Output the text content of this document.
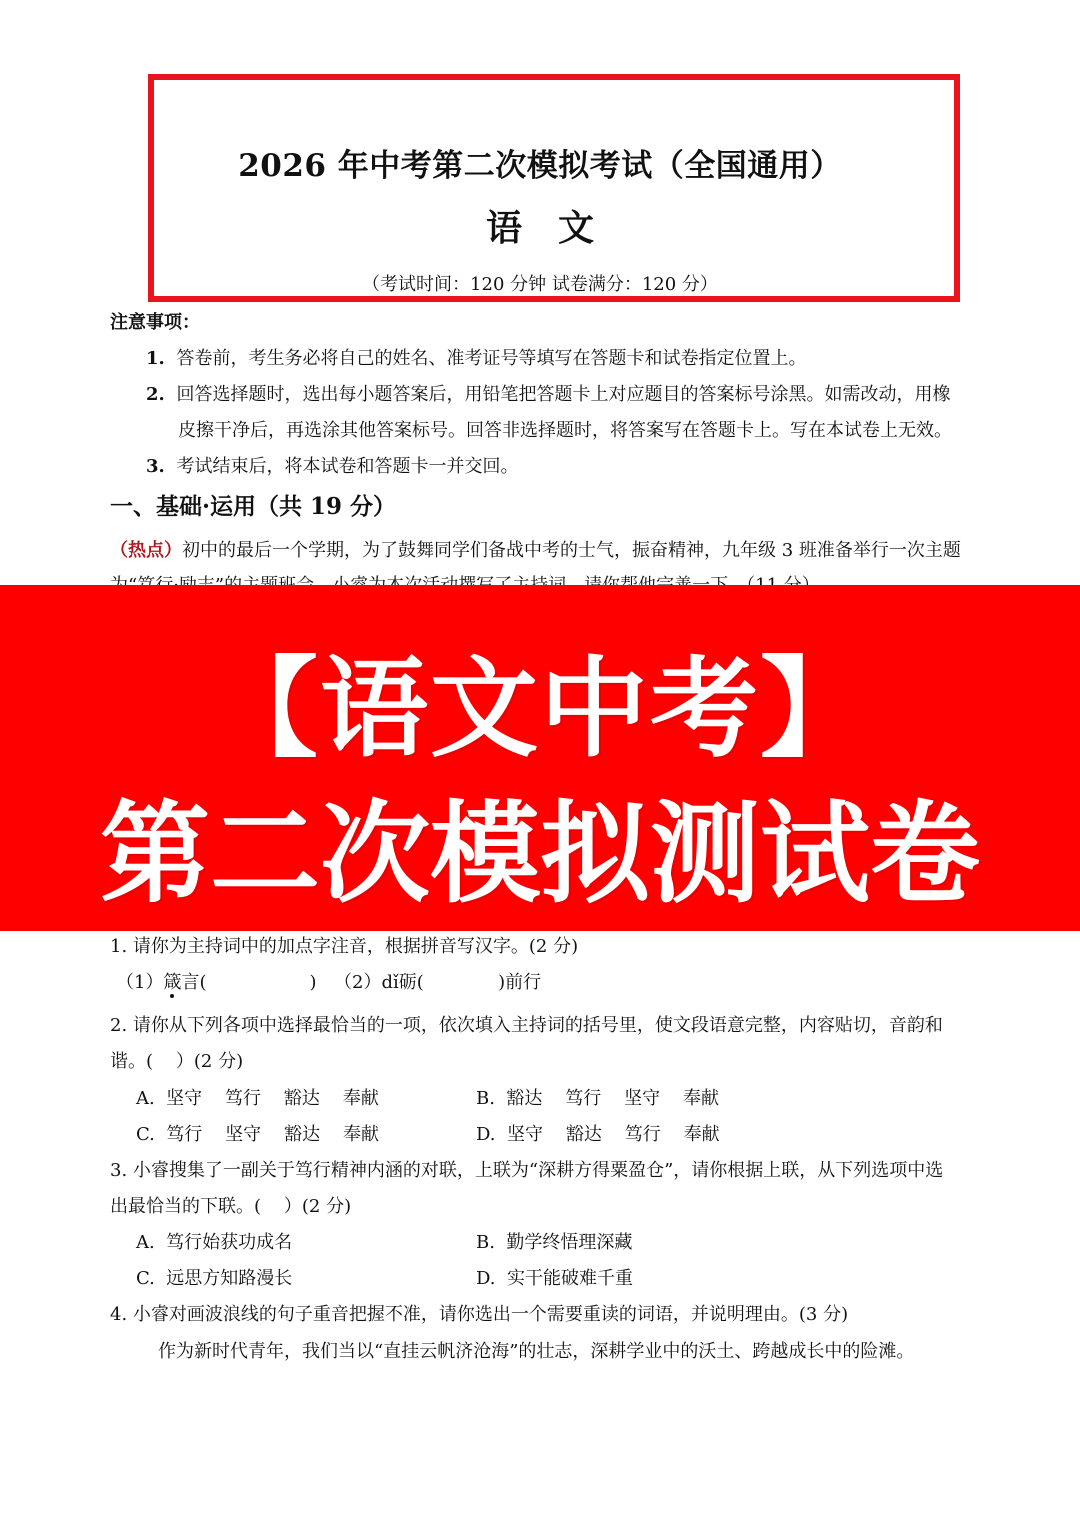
2026 年中考第二次模拟考试（全国通用）
语　文
（考试时间：120 分钟 试卷满分：120 分）
注意事项：
1. 答卷前，考生务必将自己的姓名、准考证号等填写在答题卡和试卷指定位置上。
2. 回答选择题时，选出每小题答案后，用铅笔把答题卡上对应题目的答案标号涂黑。如需改动，用橡
皮擦干净后，再选涂其他答案标号。回答非选择题时，将答案写在答题卡上。写在本试卷上无效。
3. 考试结束后，将本试卷和答题卡一并交回。
一、基础·运用（共 19 分）
（热点）初中的最后一个学期，为了鼓舞同学们备战中考的士气，振奋精神，九年级 3 班准备举行一次主题
【语文中考】
第二次模拟测试卷
1. 请你为主持词中的加点字注音，根据拼音写汉字。(2 分)
（1）箴言(                  ) （2）dǐ砺(             )前行
2. 请你从下列各项中选择最恰当的一项，依次填入主持词的括号里，使文段语意完整，内容贴切，音韵和
谐。(    ）(2 分)
A.  坚守    笃行    豁达    奉献	B.  豁达    笃行    坚守    奉献
C.  笃行    坚守    豁达    奉献	D.  坚守    豁达    笃行    奉献
3. 小睿搜集了一副关于笃行精神内涵的对联，上联为“深耕方得粟盈仓”，请你根据上联，从下列选项中选
出最恰当的下联。(    ）(2 分)
A.  笃行始获功成名	B.  勤学终悟理深藏
C.  远思方知路漫长	D.  实干能破难千重
4. 小睿对画波浪线的句子重音把握不准，请你选出一个需要重读的词语，并说明理由。(3 分)
作为新时代青年，我们当以“直挂云帆济沧海”的壮志，深耕学业中的沃土、跨越成长中的险滩。
